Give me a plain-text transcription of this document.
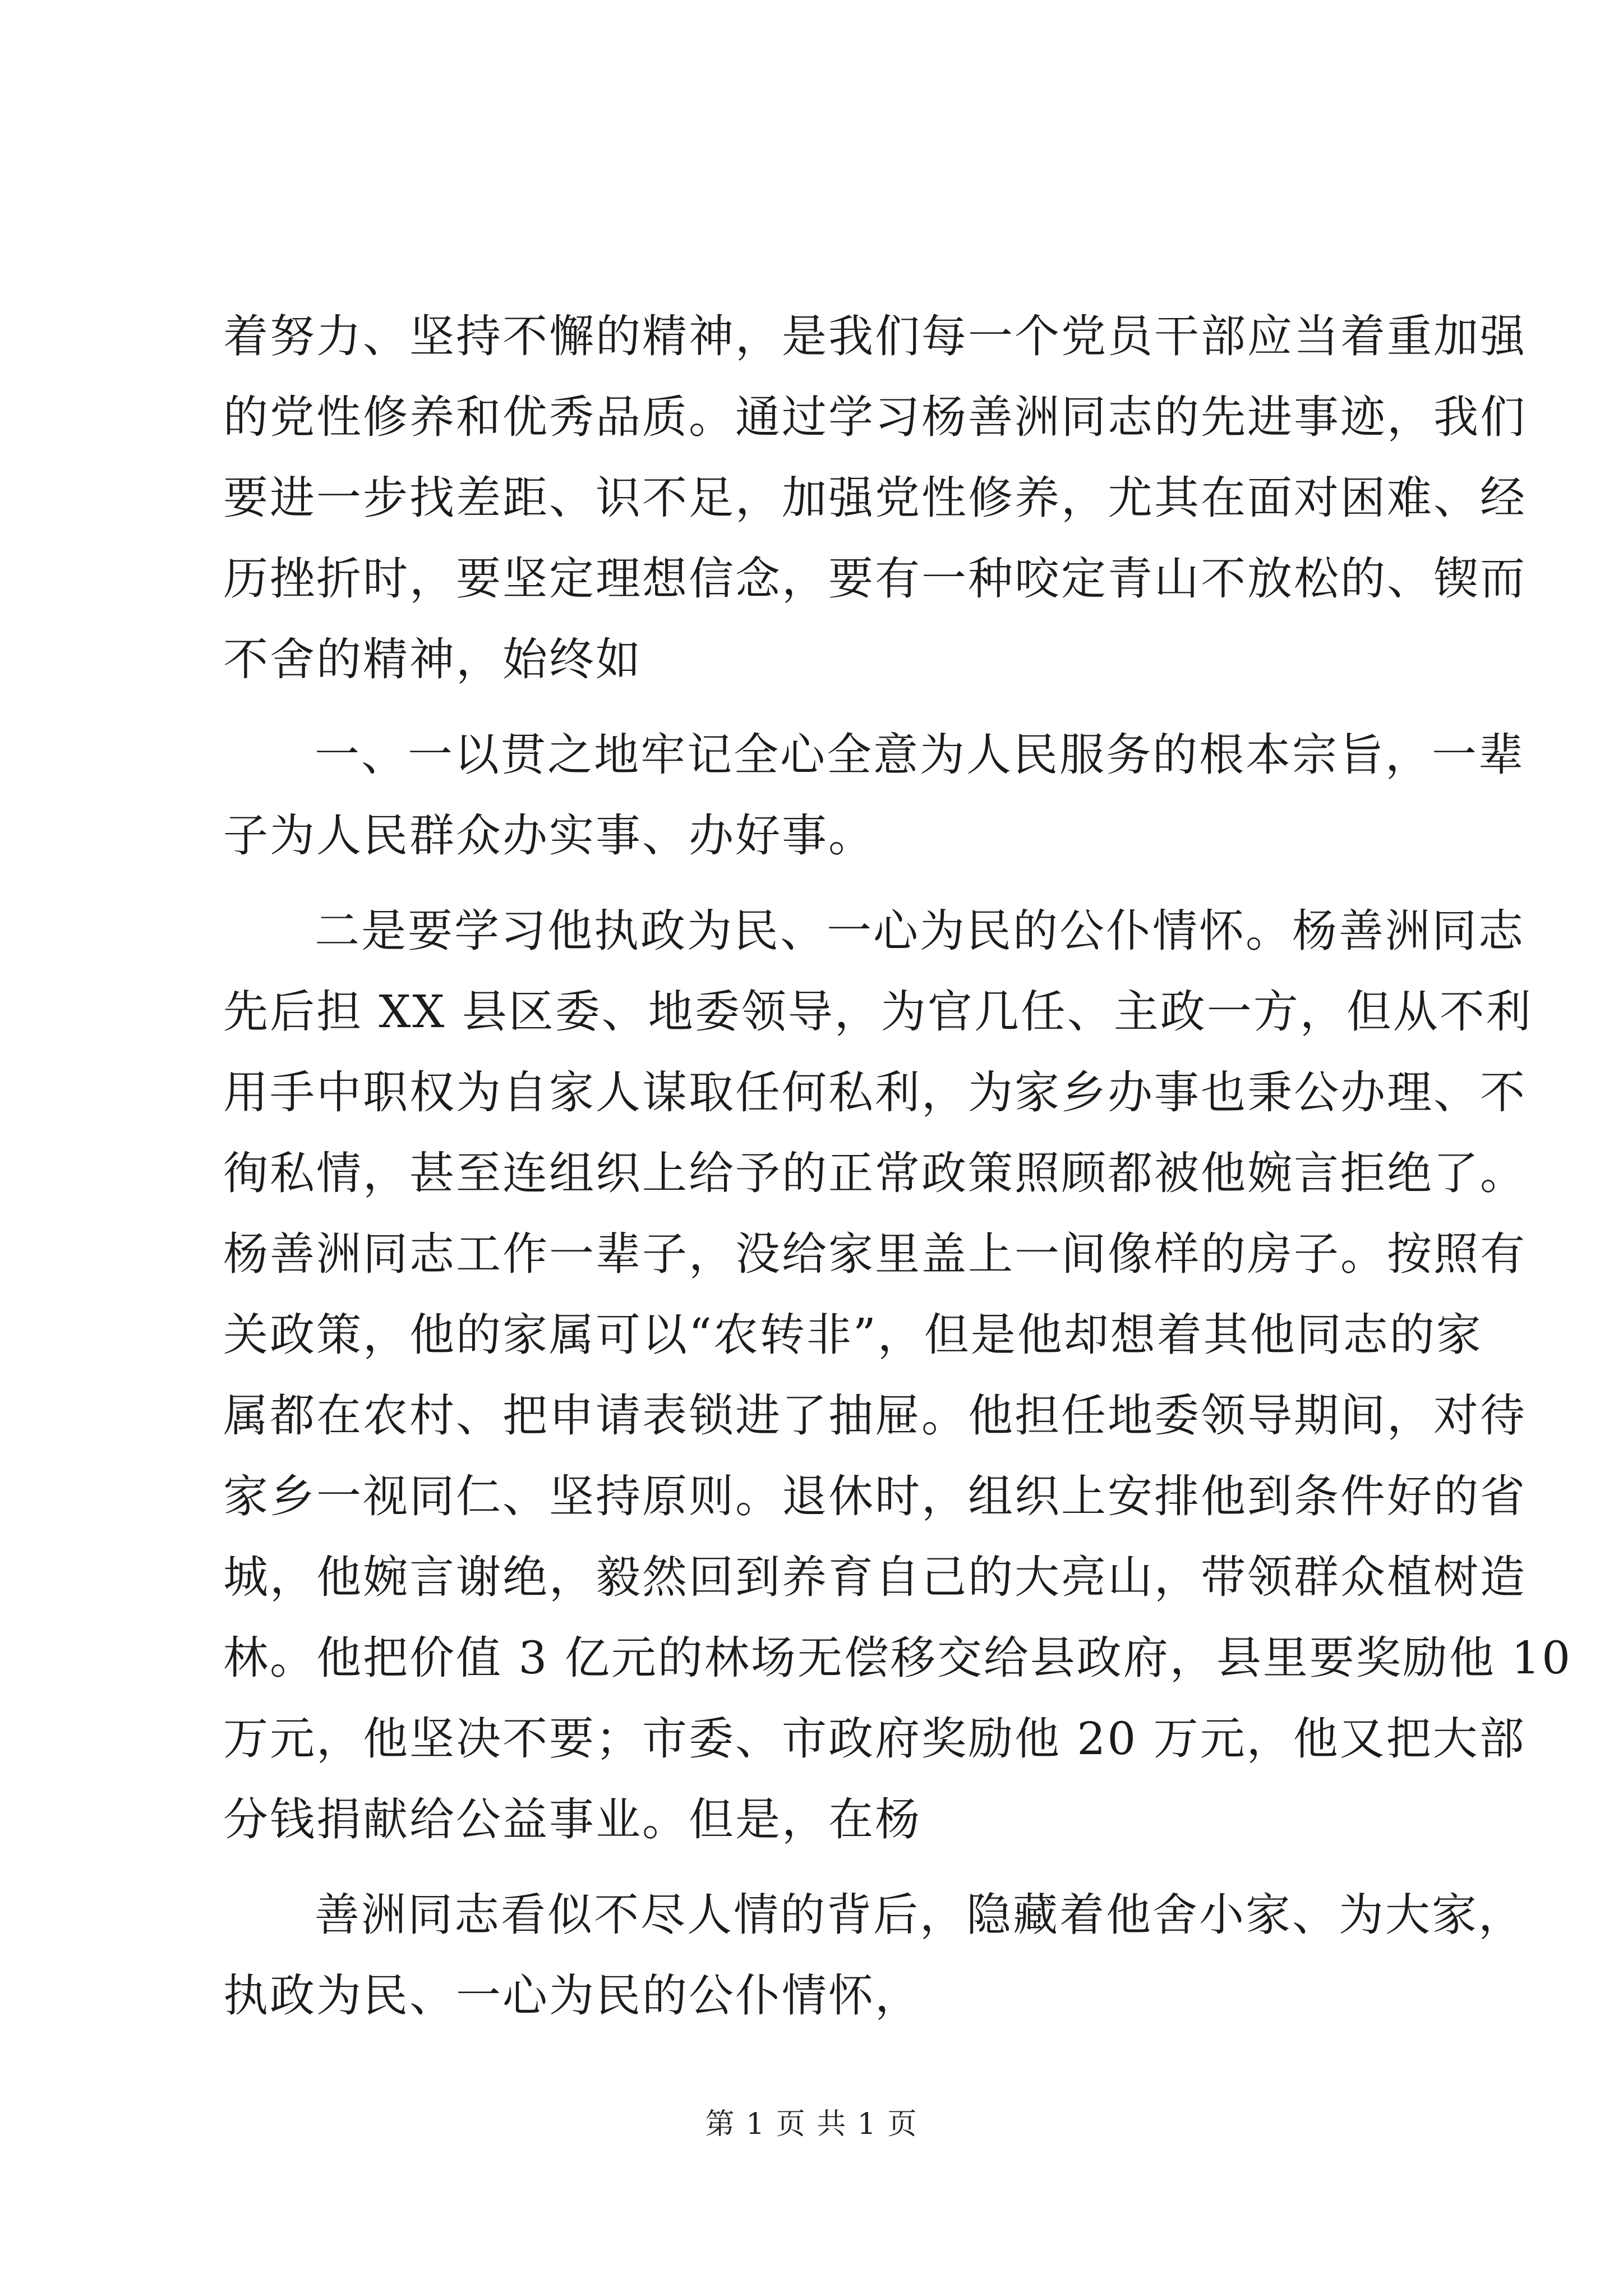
着努力、坚持不懈的精神，是我们每一个党员干部应当着重加强
的党性修养和优秀品质。通过学习杨善洲同志的先进事迹，我们
要进一步找差距、识不足，加强党性修养，尤其在面对困难、经
历挫折时，要坚定理想信念，要有一种咬定青山不放松的、锲而
不舍的精神，始终如
一、一以贯之地牢记全心全意为人民服务的根本宗旨，一辈
子为人民群众办实事、办好事。
二是要学习他执政为民、一心为民的公仆情怀。杨善洲同志
先后担 XX 县区委、地委领导，为官几任、主政一方，但从不利
用手中职权为自家人谋取任何私利，为家乡办事也秉公办理、不
徇私情，甚至连组织上给予的正常政策照顾都被他婉言拒绝了。
杨善洲同志工作一辈子，没给家里盖上一间像样的房子。按照有
关政策，他的家属可以“农转非”，但是他却想着其他同志的家
属都在农村、把申请表锁进了抽屉。他担任地委领导期间，对待
家乡一视同仁、坚持原则。退休时，组织上安排他到条件好的省
城，他婉言谢绝，毅然回到养育自己的大亮山，带领群众植树造
林。他把价值 3 亿元的林场无偿移交给县政府，县里要奖励他 10
万元，他坚决不要；市委、市政府奖励他 20 万元，他又把大部
分钱捐献给公益事业。但是，在杨
善洲同志看似不尽人情的背后，隐藏着他舍小家、为大家，
执政为民、一心为民的公仆情怀，
第 1 页 共 1 页
